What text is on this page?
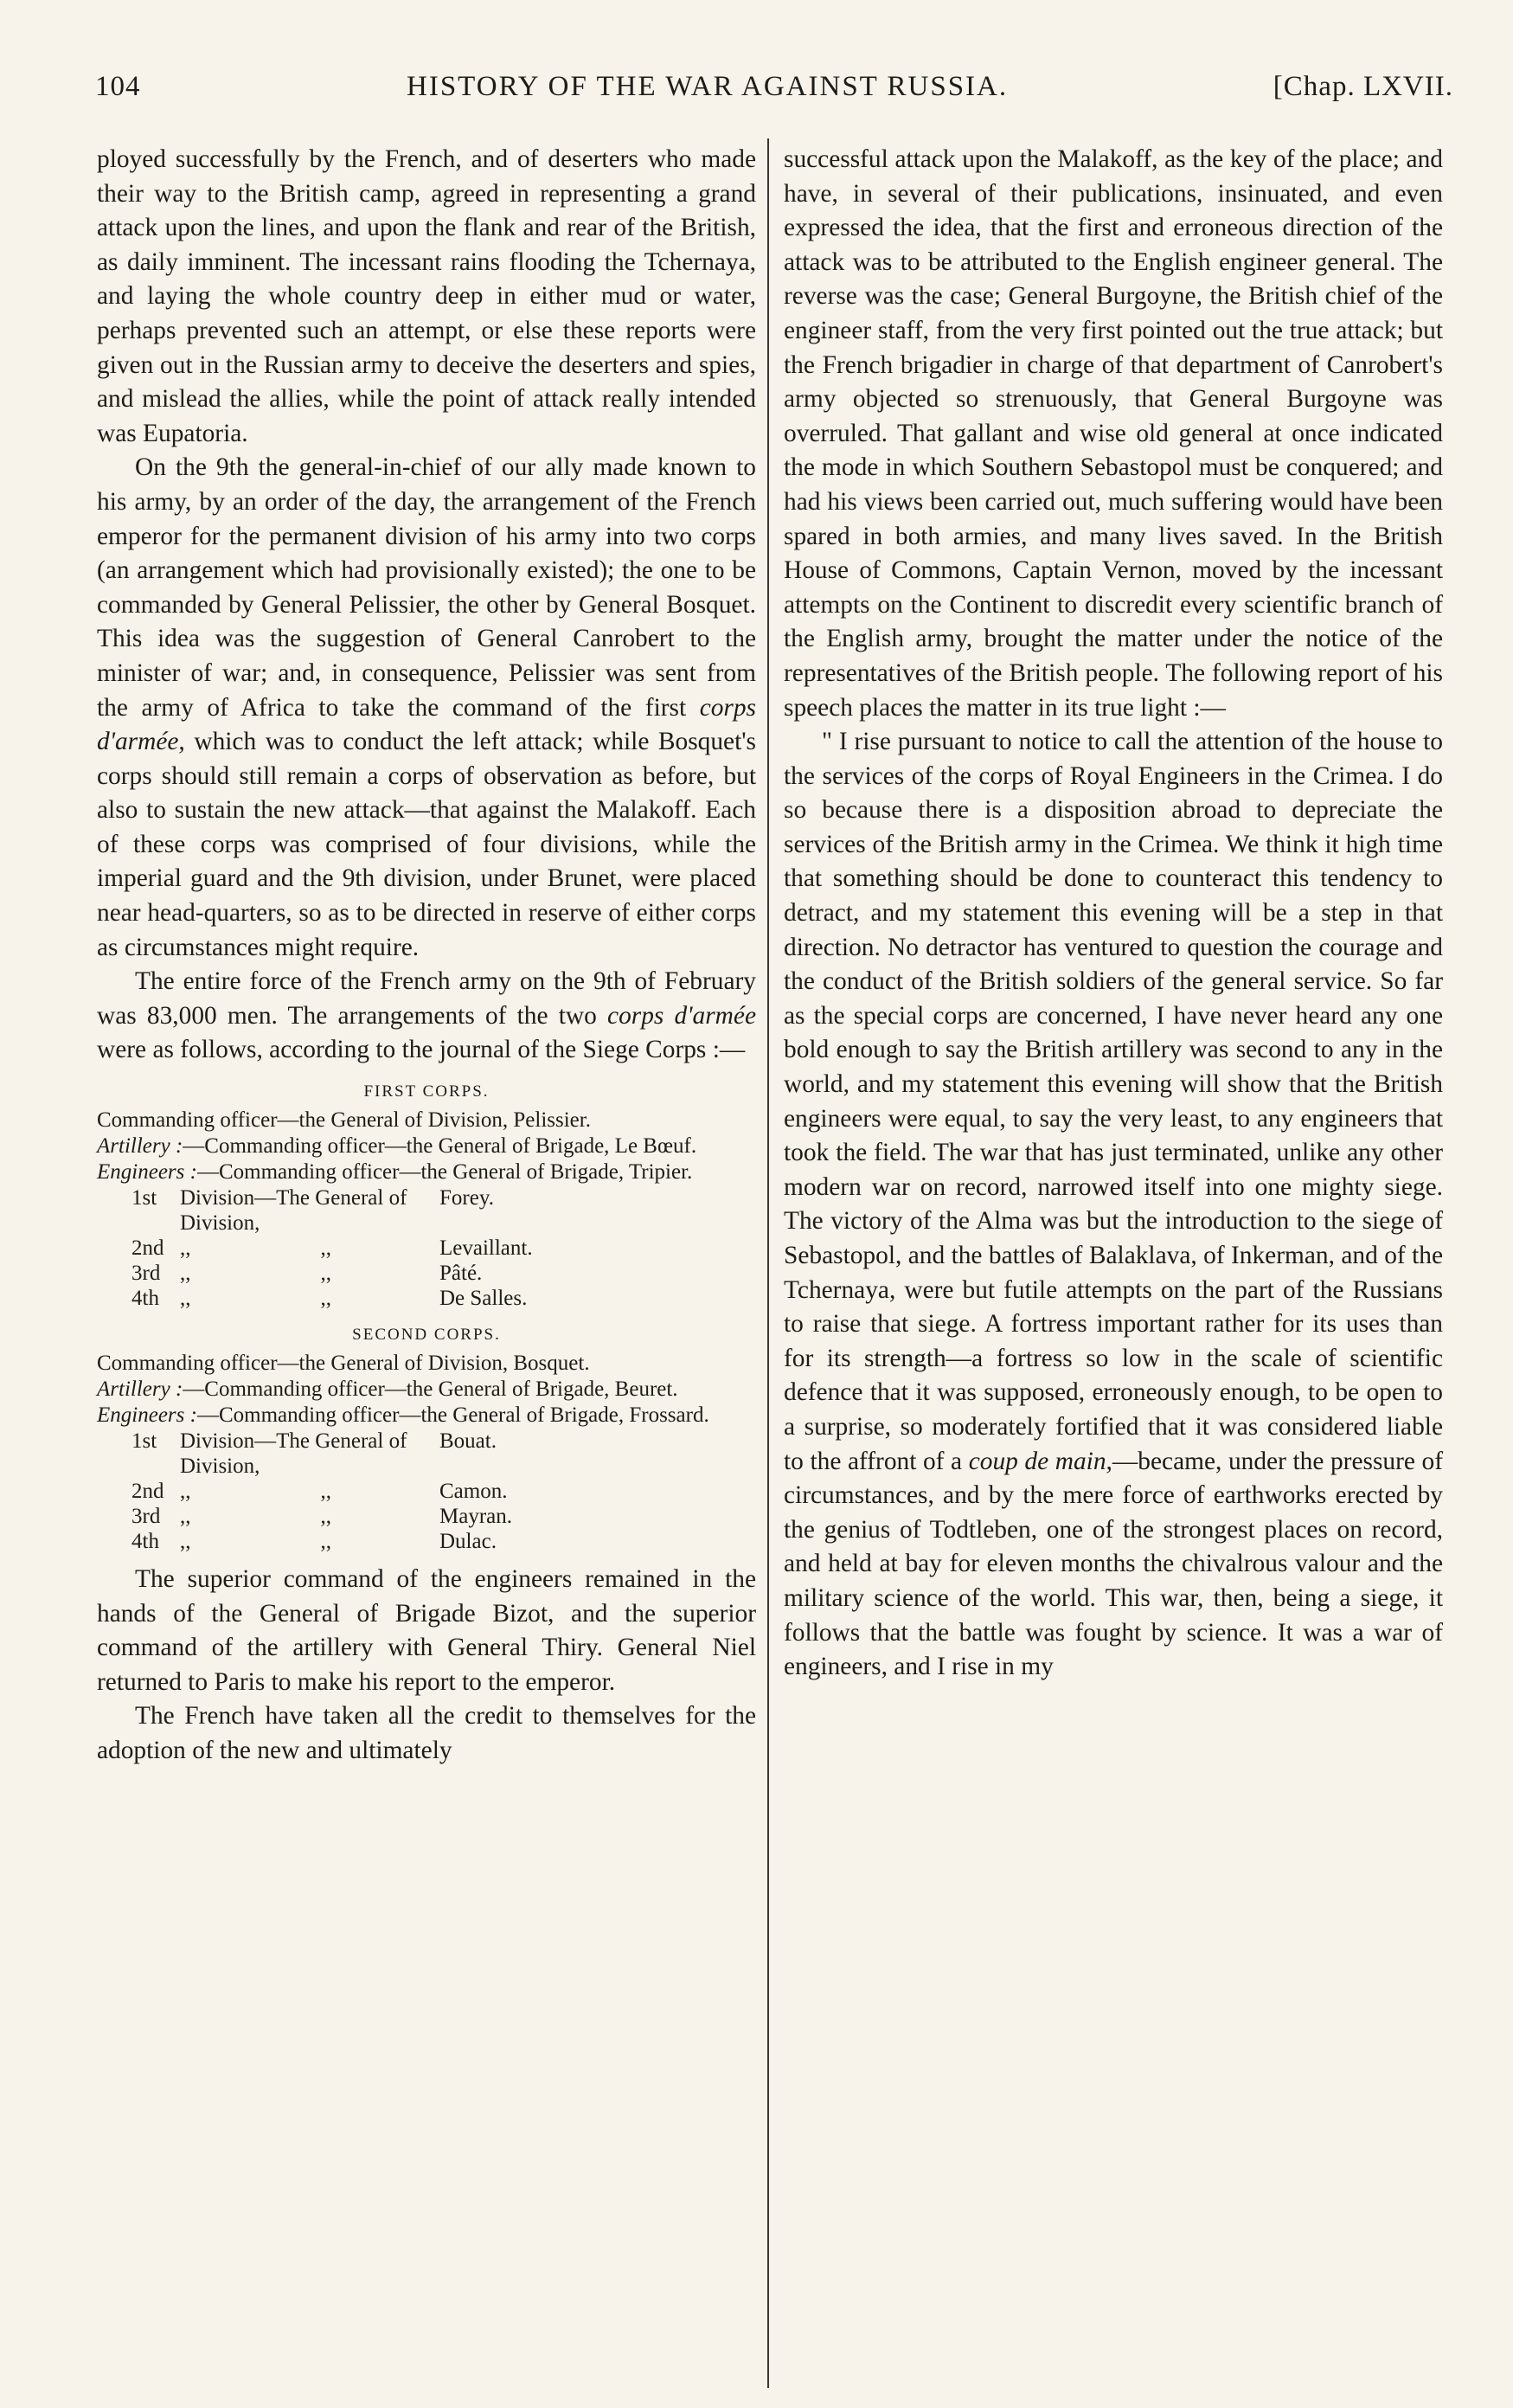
104	HISTORY OF THE WAR AGAINST RUSSIA.	[Chap. LXVII.

ployed successfully by the French, and of deserters who made their way to the British camp, agreed in representing a grand attack upon the lines, and upon the flank and rear of the British, as daily imminent. The incessant rains flooding the Tchernaya, and laying the whole country deep in either mud or water, perhaps prevented such an attempt, or else these reports were given out in the Russian army to deceive the deserters and spies, and mislead the allies, while the point of attack really intended was Eupatoria.

On the 9th the general-in-chief of our ally made known to his army, by an order of the day, the arrangement of the French emperor for the permanent division of his army into two corps (an arrangement which had provisionally existed); the one to be commanded by General Pelissier, the other by General Bosquet. This idea was the suggestion of General Canrobert to the minister of war; and, in consequence, Pelissier was sent from the army of Africa to take the command of the first corps d'armée, which was to conduct the left attack; while Bosquet's corps should still remain a corps of observation as before, but also to sustain the new attack—that against the Malakoff. Each of these corps was comprised of four divisions, while the imperial guard and the 9th division, under Brunet, were placed near head-quarters, so as to be directed in reserve of either corps as circumstances might require.

The entire force of the French army on the 9th of February was 83,000 men. The arrangements of the two corps d'armée were as follows, according to the journal of the Siege Corps :—

FIRST CORPS.
Commanding officer—the General of Division, Pelissier.
Artillery :—Commanding officer—the General of Brigade, Le Bœuf.
Engineers :—Commanding officer—the General of Brigade, Tripier.
1st	Division—The General of Division,	Forey.
2nd	,, ,,	Levaillant.
3rd	,, ,,	Pâté.
4th	,, ,,	De Salles.
SECOND CORPS.
Commanding officer—the General of Division, Bosquet.
Artillery :—Commanding officer—the General of Brigade, Beuret.
Engineers :—Commanding officer—the General of Brigade, Frossard.
1st	Division—The General of Division,	Bouat.
2nd	,, ,,	Camon.
3rd	,, ,,	Mayran.
4th	,, ,,	Dulac.

The superior command of the engineers remained in the hands of the General of Brigade Bizot, and the superior command of the artillery with General Thiry. General Niel returned to Paris to make his report to the emperor.

The French have taken all the credit to themselves for the adoption of the new and ultimately

successful attack upon the Malakoff, as the key of the place; and have, in several of their publications, insinuated, and even expressed the idea, that the first and erroneous direction of the attack was to be attributed to the English engineer general. The reverse was the case; General Burgoyne, the British chief of the engineer staff, from the very first pointed out the true attack; but the French brigadier in charge of that department of Canrobert's army objected so strenuously, that General Burgoyne was overruled. That gallant and wise old general at once indicated the mode in which Southern Sebastopol must be conquered; and had his views been carried out, much suffering would have been spared in both armies, and many lives saved. In the British House of Commons, Captain Vernon, moved by the incessant attempts on the Continent to discredit every scientific branch of the English army, brought the matter under the notice of the representatives of the British people. The following report of his speech places the matter in its true light :—

" I rise pursuant to notice to call the attention of the house to the services of the corps of Royal Engineers in the Crimea. I do so because there is a disposition abroad to depreciate the services of the British army in the Crimea. We think it high time that something should be done to counteract this tendency to detract, and my statement this evening will be a step in that direction. No detractor has ventured to question the courage and the conduct of the British soldiers of the general service. So far as the special corps are concerned, I have never heard any one bold enough to say the British artillery was second to any in the world, and my statement this evening will show that the British engineers were equal, to say the very least, to any engineers that took the field. The war that has just terminated, unlike any other modern war on record, narrowed itself into one mighty siege. The victory of the Alma was but the introduction to the siege of Sebastopol, and the battles of Balaklava, of Inkerman, and of the Tchernaya, were but futile attempts on the part of the Russians to raise that siege. A fortress important rather for its uses than for its strength—a fortress so low in the scale of scientific defence that it was supposed, erroneously enough, to be open to a surprise, so moderately fortified that it was considered liable to the affront of a coup de main,—became, under the pressure of circumstances, and by the mere force of earthworks erected by the genius of Todtleben, one of the strongest places on record, and held at bay for eleven months the chivalrous valour and the military science of the world. This war, then, being a siege, it follows that the battle was fought by science. It was a war of engineers, and I rise in my
